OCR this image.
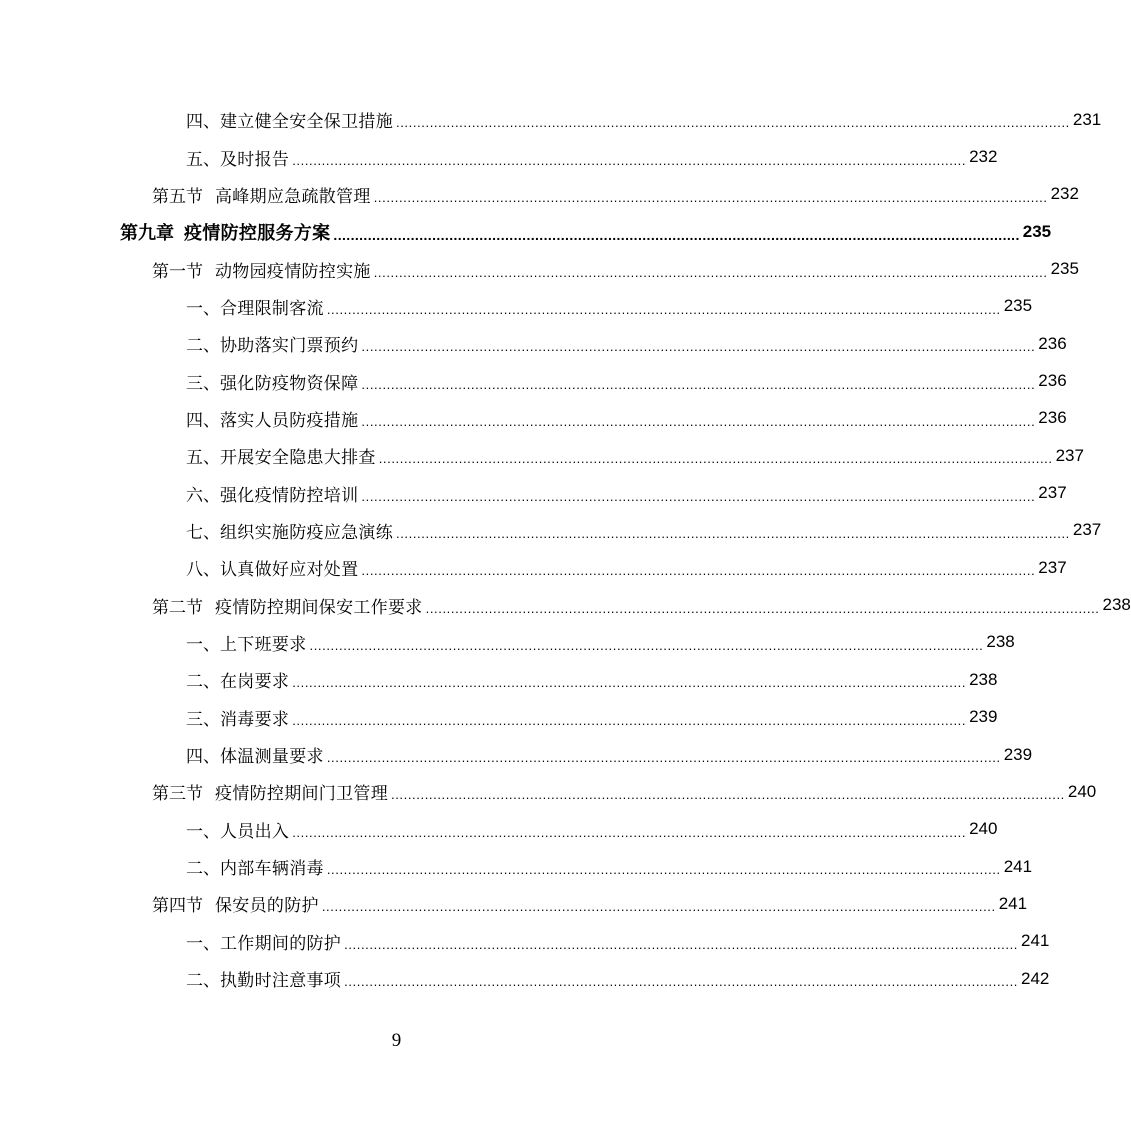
四、 建立健全安全保卫措施 ................................................................................................................................................................ 231
五、 及时报告 ................................................................................................................................................................ 232
第五节 高峰期应急疏散管理 ................................................................................................................................................................ 232
第九章 疫情防控服务方案 ................................................................................................................................................................ 235
第一节 动物园疫情防控实施 ................................................................................................................................................................ 235
一、 合理限制客流 ................................................................................................................................................................ 235
二、 协助落实门票预约 ................................................................................................................................................................ 236
三、 强化防疫物资保障 ................................................................................................................................................................ 236
四、 落实人员防疫措施 ................................................................................................................................................................ 236
五、 开展安全隐患大排查 ................................................................................................................................................................ 237
六、 强化疫情防控培训 ................................................................................................................................................................ 237
七、 组织实施防疫应急演练 ................................................................................................................................................................ 237
八、 认真做好应对处置 ................................................................................................................................................................ 237
第二节 疫情防控期间保安工作要求 ................................................................................................................................................................ 238
一、 上下班要求 ................................................................................................................................................................ 238
二、 在岗要求 ................................................................................................................................................................ 238
三、 消毒要求 ................................................................................................................................................................ 239
四、 体温测量要求 ................................................................................................................................................................ 239
第三节 疫情防控期间门卫管理 ................................................................................................................................................................ 240
一、 人员出入 ................................................................................................................................................................ 240
二、 内部车辆消毒 ................................................................................................................................................................ 241
第四节 保安员的防护 ................................................................................................................................................................ 241
一、 工作期间的防护 ................................................................................................................................................................ 241
二、 执勤时注意事项 ................................................................................................................................................................ 242
9
